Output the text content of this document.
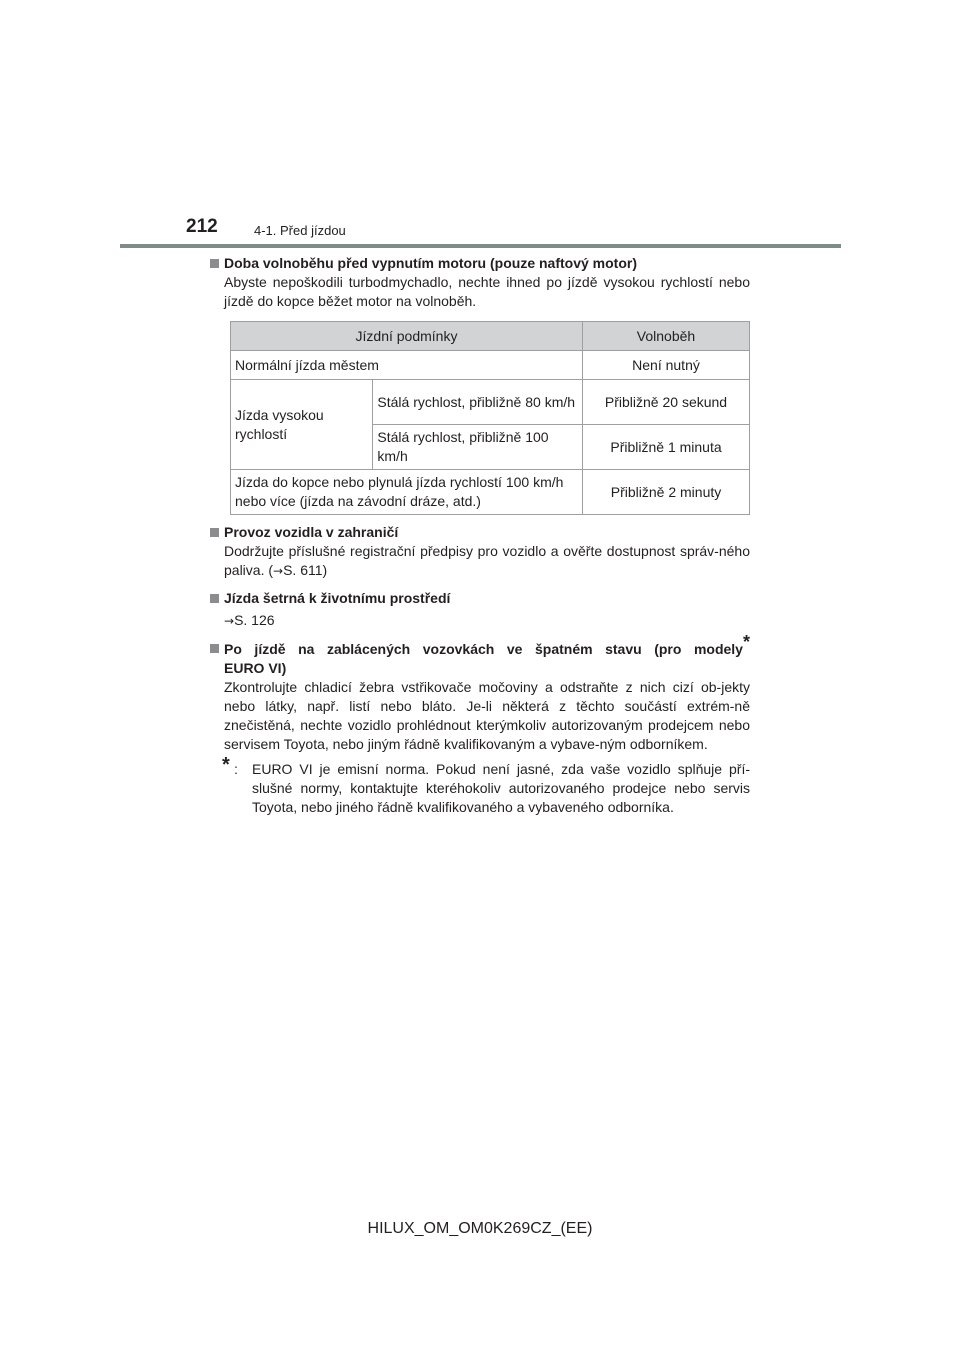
212	4-1. Před jízdou

Doba volnoběhu před vypnutím motoru (pouze naftový motor)

Abyste nepoškodili turbodmychadlo, nechte ihned po jízdě vysokou rychlostí nebo jízdě do kopce běžet motor na volnoběh.

Jízdní podmínky		Volnoběh
Normální jízda městem		Není nutný
Jízda vysokou rychlostí	Stálá rychlost, přibližně 80 km/h	Přibližně 20 sekund
	Stálá rychlost, přibližně 100 km/h	Přibližně 1 minuta
Jízda do kopce nebo plynulá jízda rychlostí 100 km/h nebo více (jízda na závodní dráze, atd.)		Přibližně 2 minuty

Provoz vozidla v zahraničí

Dodržujte příslušné registrační předpisy pro vozidlo a ověřte dostupnost správ-ného paliva. (→S. 611)

Jízda šetrná k životnímu prostředí

→S. 126

Po jízdě na zablácených vozovkách ve špatném stavu (pro modely* EURO VI)

Zkontrolujte chladicí žebra vstřikovače močoviny a odstraňte z nich cizí ob-jekty nebo látky, např. listí nebo bláto. Je-li některá z těchto součástí extrém-ně znečistěná, nechte vozidlo prohlédnout kterýmkoliv autorizovaným prodejcem nebo servisem Toyota, nebo jiným řádně kvalifikovaným a vybave-ným odborníkem.

* : EURO VI je emisní norma. Pokud není jasné, zda vaše vozidlo splňuje pří-slušné normy, kontaktujte kteréhokoliv autorizovaného prodejce nebo servis Toyota, nebo jiného řádně kvalifikovaného a vybaveného odborníka.

HILUX_OM_OM0K269CZ_(EE)
